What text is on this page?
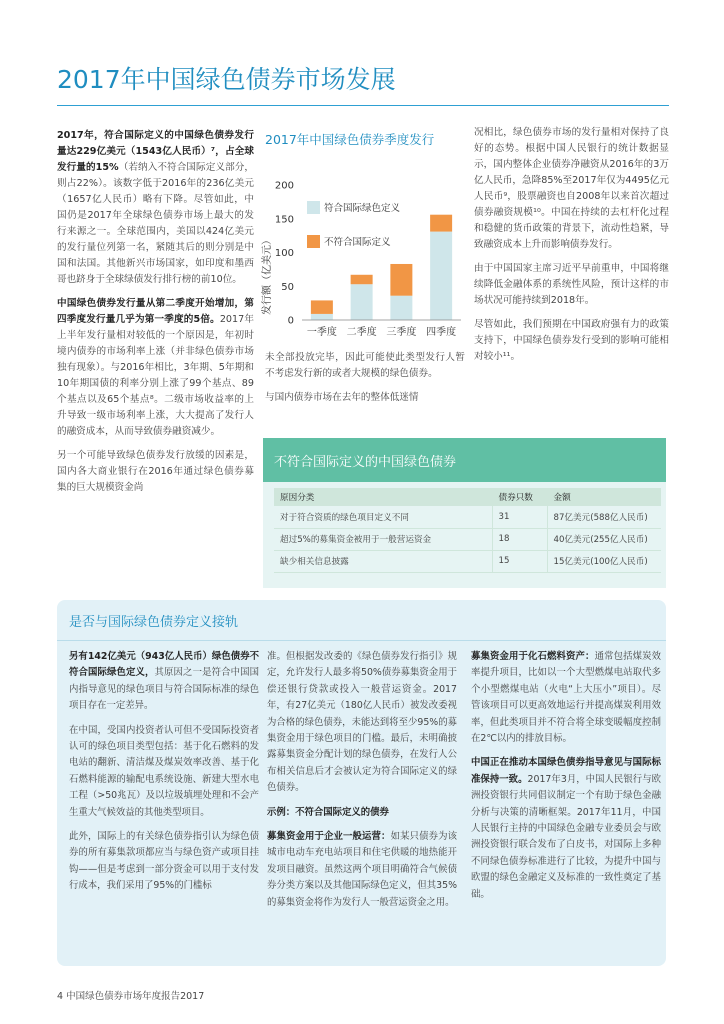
2017年中国绿色债券市场发展

2017年，符合国际定义的中国绿色债券发行量达229亿美元（1543亿人民币）⁷，占全球发行量的15%（若纳入不符合国际定义部分，则占22%）。该数字低于2016年的236亿美元（1657亿人民币）略有下降。尽管如此，中国仍是2017年全球绿色债券市场上最大的发行来源之一。全球范围内，美国以424亿美元的发行量位列第一名，紧随其后的则分别是中国和法国。其他新兴市场国家，如印度和墨西哥也跻身于全球绿债发行排行榜的前10位。

中国绿色债券发行量从第二季度开始增加，第四季度发行量几乎为第一季度的5倍。2017年上半年发行量相对较低的一个原因是，年初时境内债券的市场利率上涨（并非绿色债券市场独有现象）。与2016年相比，3年期、5年期和10年期国债的利率分别上涨了99个基点、89个基点以及65个基点⁸。二级市场收益率的上升导致一级市场利率上涨，大大提高了发行人的融资成本，从而导致债券融资减少。

另一个可能导致绿色债券发行放缓的因素是，国内各大商业银行在2016年通过绿色债券募集的巨大规模资金尚

2017年中国绿色债券季度发行
发行额（亿美元）
0
50
100
150
200
一季度 二季度 三季度 四季度
符合国际绿色定义
不符合国际定义

未全部投放完毕，因此可能使此类型发行人暂不考虑发行新的或者大规模的绿色债券。

与国内债券市场在去年的整体低迷情

况相比，绿色债券市场的发行量相对保持了良好的态势。根据中国人民银行的统计数据显示，国内整体企业债券净融资从2016年的3万亿人民币，急降85%至2017年仅为4495亿元人民币⁹，股票融资也自2008年以来首次超过债券融资规模¹⁰。中国在持续的去杠杆化过程和稳健的货币政策的背景下，流动性趋紧，导致融资成本上升而影响债券发行。

由于中国国家主席习近平早前重申，中国将继续降低金融体系的系统性风险，预计这样的市场状况可能持续到2018年。

尽管如此，我们预期在中国政府强有力的政策支持下，中国绿色债券发行受到的影响可能相对较小¹¹。

不符合国际定义的中国绿色债券
原因分类	债券只数	金额
对于符合资质的绿色项目定义不同	31	87亿美元(588亿人民币)
超过5%的募集资金被用于一般营运资金	18	40亿美元(255亿人民币)
缺少相关信息披露	15	15亿美元(100亿人民币)
是否与国际绿色债券定义接轨

另有142亿美元（943亿人民币）绿色债券不符合国际绿色定义，其原因之一是符合中国国内指导意见的绿色项目与符合国际标准的绿色项目存在一定差异。

在中国，受国内投资者认可但不受国际投资者认可的绿色项目类型包括：基于化石燃料的发电站的翻新、清洁煤及煤炭效率改善、基于化石燃料能源的输配电系统设施、新建大型水电工程（>50兆瓦）及以垃圾填埋处理和不会产生重大气候效益的其他类型项目。

此外，国际上的有关绿色债券指引认为绿色债券的所有募集款项都应当与绿色资产或项目挂钩——但是考虑到一部分资金可以用于支付发行成本，我们采用了95%的门槛标

准。但根据发改委的《绿色债券发行指引》规定，允许发行人最多将50%债券募集资金用于偿还银行贷款或投入一般营运资金。2017年，有27亿美元（180亿人民币）被发改委视为合格的绿色债券，未能达到将至少95%的募集资金用于绿色项目的门槛。最后，未明确披露募集资金分配计划的绿色债券，在发行人公布相关信息后才会被认定为符合国际定义的绿色债券。

示例：不符合国际定义的债券

募集资金用于企业一般运营：如某只债券为该城市电动车充电站项目和住宅供暖的地热能开发项目融资。虽然这两个项目明确符合气候债券分类方案以及其他国际绿色定义，但其35%的募集资金将作为发行人一般营运资金之用。

募集资金用于化石燃料资产：通常包括煤炭效率提升项目，比如以一个大型燃煤电站取代多个小型燃煤电站（火电“上大压小”项目）。尽管该项目可以更高效地运行并提高煤炭利用效率，但此类项目并不符合将全球变暖幅度控制在2℃以内的排放目标。

中国正在推动本国绿色债券指导意见与国际标准保持一致。2017年3月，中国人民银行与欧洲投资银行共同倡议制定一个有助于绿色金融分析与决策的清晰框架。2017年11月，中国人民银行主持的中国绿色金融专业委员会与欧洲投资银行联合发布了白皮书，对国际上多种不同绿色债券标准进行了比较，为提升中国与欧盟的绿色金融定义及标准的一致性奠定了基础。

4 中国绿色债券市场年度报告2017
